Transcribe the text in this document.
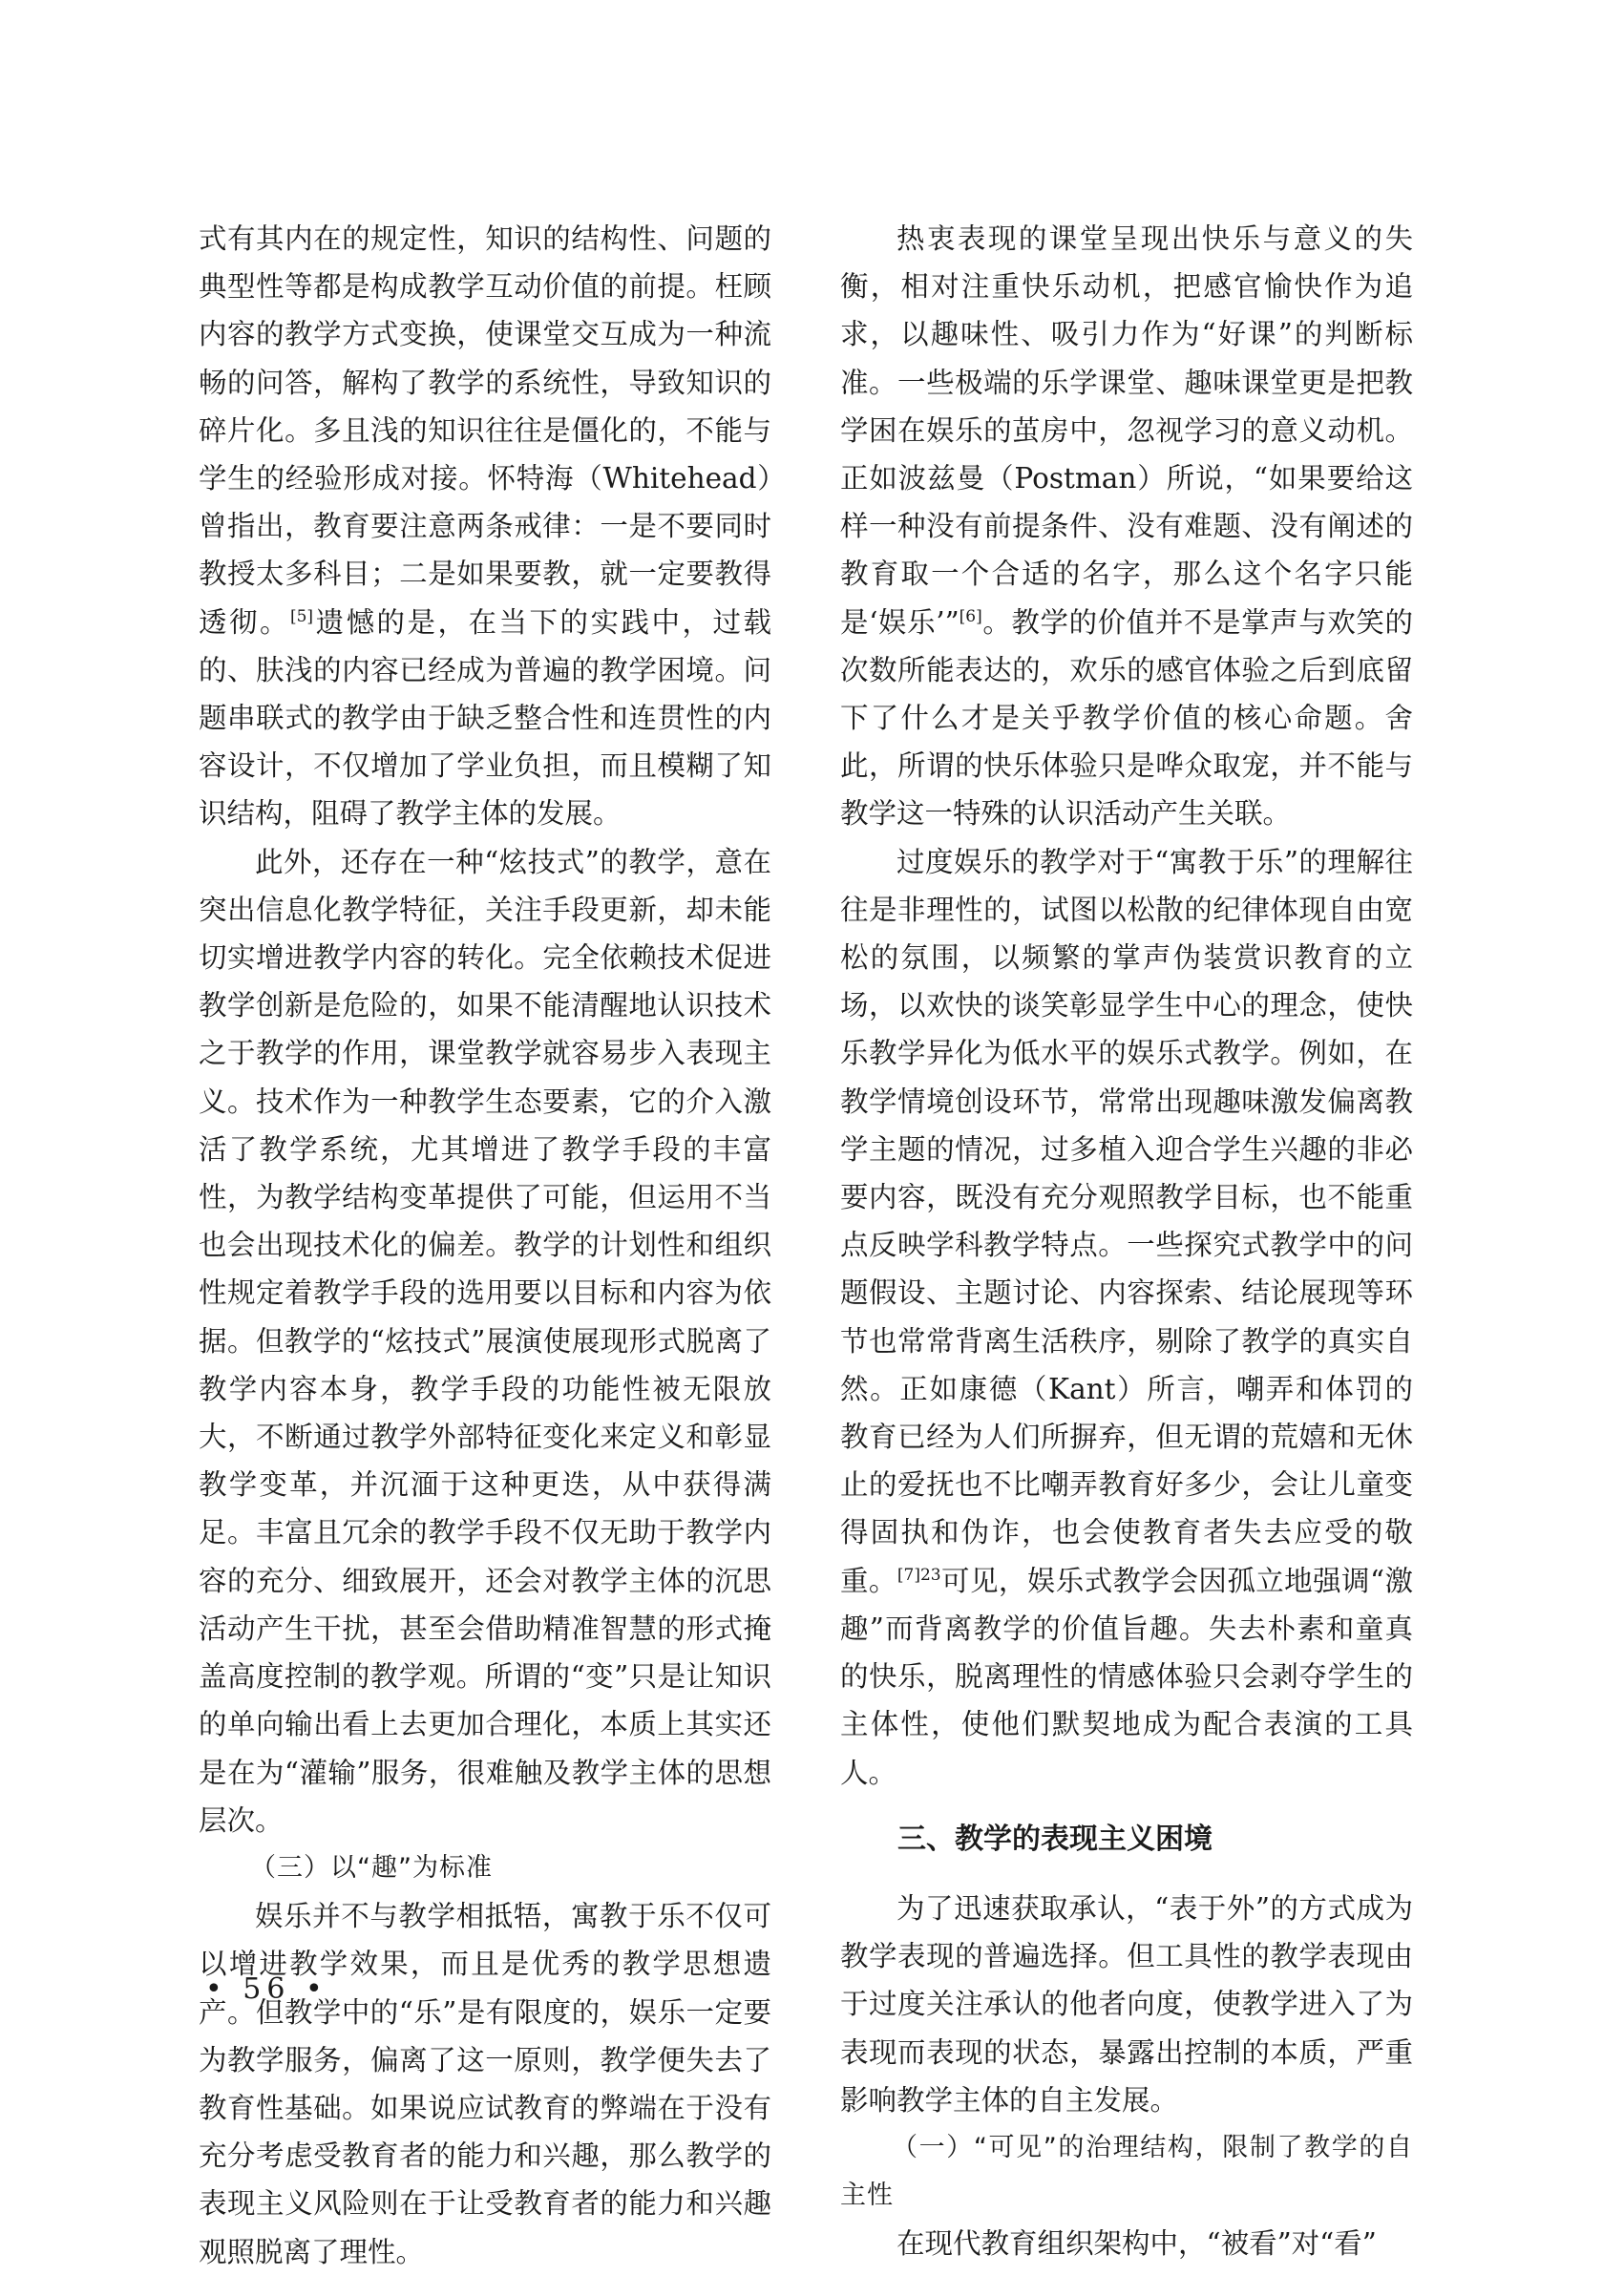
式有其内在的规定性，知识的结构性、问题的典型性等都是构成教学互动价值的前提。枉顾内容的教学方式变换，使课堂交互成为一种流畅的问答，解构了教学的系统性，导致知识的碎片化。多且浅的知识往往是僵化的，不能与学生的经验形成对接。怀特海（Whitehead）曾指出，教育要注意两条戒律：一是不要同时教授太多科目；二是如果要教，就一定要教得透彻。[5]遗憾的是，在当下的实践中，过载的、肤浅的内容已经成为普遍的教学困境。问题串联式的教学由于缺乏整合性和连贯性的内容设计，不仅增加了学业负担，而且模糊了知识结构，阻碍了教学主体的发展。

此外，还存在一种“炫技式”的教学，意在突出信息化教学特征，关注手段更新，却未能切实增进教学内容的转化。完全依赖技术促进教学创新是危险的，如果不能清醒地认识技术之于教学的作用，课堂教学就容易步入表现主义。技术作为一种教学生态要素，它的介入激活了教学系统，尤其增进了教学手段的丰富性，为教学结构变革提供了可能，但运用不当也会出现技术化的偏差。教学的计划性和组织性规定着教学手段的选用要以目标和内容为依据。但教学的“炫技式”展演使展现形式脱离了教学内容本身，教学手段的功能性被无限放大，不断通过教学外部特征变化来定义和彰显教学变革，并沉湎于这种更迭，从中获得满足。丰富且冗余的教学手段不仅无助于教学内容的充分、细致展开，还会对教学主体的沉思活动产生干扰，甚至会借助精准智慧的形式掩盖高度控制的教学观。所谓的“变”只是让知识的单向输出看上去更加合理化，本质上其实还是在为“灌输”服务，很难触及教学主体的思想层次。

（三）以“趣”为标准

娱乐并不与教学相抵牾，寓教于乐不仅可以增进教学效果，而且是优秀的教学思想遗产。但教学中的“乐”是有限度的，娱乐一定要为教学服务，偏离了这一原则，教学便失去了教育性基础。如果说应试教育的弊端在于没有充分考虑受教育者的能力和兴趣，那么教学的表现主义风险则在于让受教育者的能力和兴趣观照脱离了理性。

热衷表现的课堂呈现出快乐与意义的失衡，相对注重快乐动机，把感官愉快作为追求，以趣味性、吸引力作为“好课”的判断标准。一些极端的乐学课堂、趣味课堂更是把教学困在娱乐的茧房中，忽视学习的意义动机。正如波兹曼（Postman）所说，“如果要给这样一种没有前提条件、没有难题、没有阐述的教育取一个合适的名字，那么这个名字只能是‘娱乐’”[6]。教学的价值并不是掌声与欢笑的次数所能表达的，欢乐的感官体验之后到底留下了什么才是关乎教学价值的核心命题。舍此，所谓的快乐体验只是哗众取宠，并不能与教学这一特殊的认识活动产生关联。

过度娱乐的教学对于“寓教于乐”的理解往往是非理性的，试图以松散的纪律体现自由宽松的氛围，以频繁的掌声伪装赏识教育的立场，以欢快的谈笑彰显学生中心的理念，使快乐教学异化为低水平的娱乐式教学。例如，在教学情境创设环节，常常出现趣味激发偏离教学主题的情况，过多植入迎合学生兴趣的非必要内容，既没有充分观照教学目标，也不能重点反映学科教学特点。一些探究式教学中的问题假设、主题讨论、内容探索、结论展现等环节也常常背离生活秩序，剔除了教学的真实自然。正如康德（Kant）所言，嘲弄和体罚的教育已经为人们所摒弃，但无谓的荒嬉和无休止的爱抚也不比嘲弄教育好多少，会让儿童变得固执和伪诈，也会使教育者失去应受的敬重。$^{[7]23}$可见，娱乐式教学会因孤立地强调“激趣”而背离教学的价值旨趣。失去朴素和童真的快乐，脱离理性的情感体验只会剥夺学生的主体性，使他们默契地成为配合表演的工具人。

三、教学的表现主义困境

为了迅速获取承认，“表于外”的方式成为教学表现的普遍选择。但工具性的教学表现由于过度关注承认的他者向度，使教学进入了为表现而表现的状态，暴露出控制的本质，严重影响教学主体的自主发展。

（一）“可见”的治理结构，限制了教学的自主性

在现代教育组织架构中，“被看”对“看”

• 56 •
